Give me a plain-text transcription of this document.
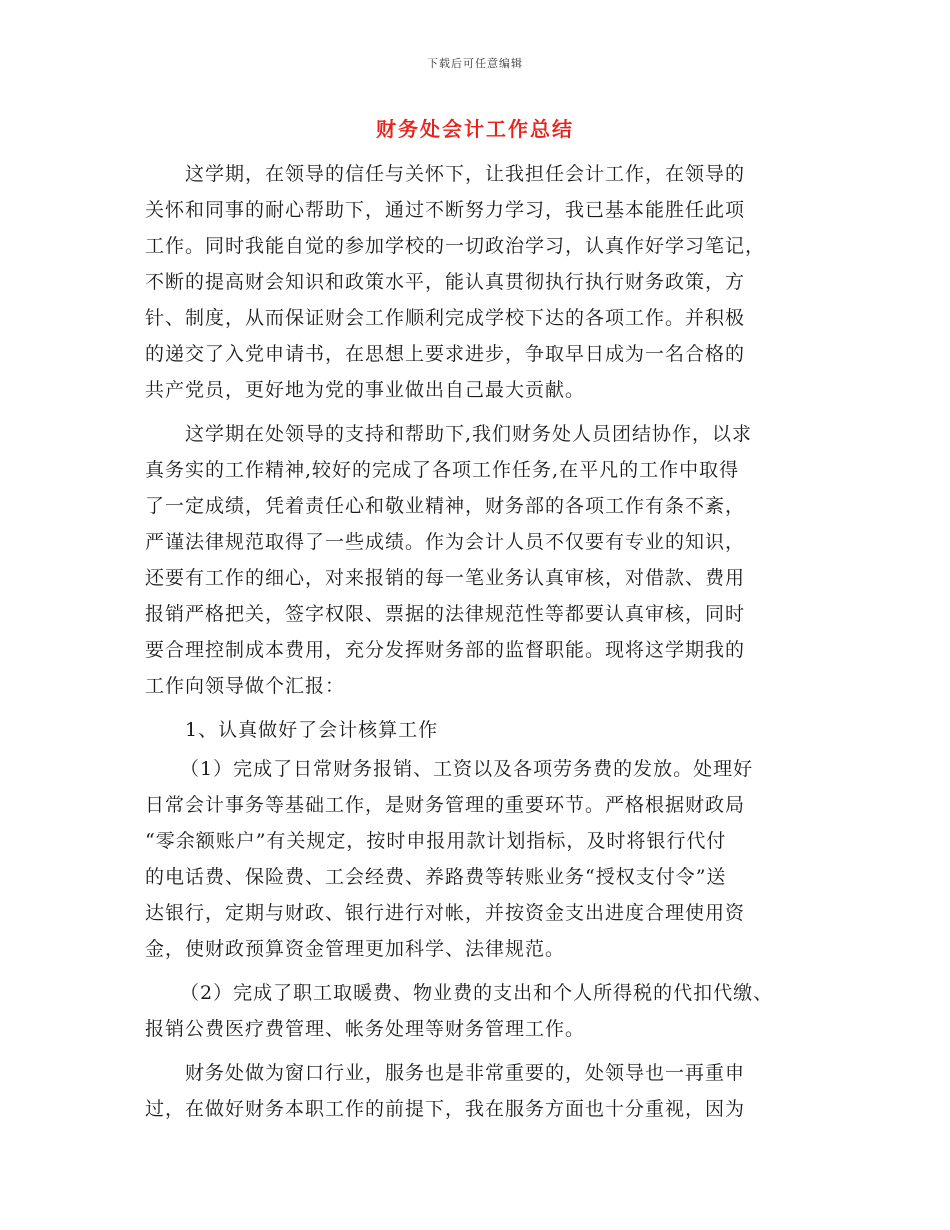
下载后可任意编辑
财务处会计工作总结
这学期，在领导的信任与关怀下，让我担任会计工作，在领导的
关怀和同事的耐心帮助下，通过不断努力学习，我已基本能胜任此项
工作。同时我能自觉的参加学校的一切政治学习，认真作好学习笔记，
不断的提高财会知识和政策水平，能认真贯彻执行执行财务政策，方
针、制度，从而保证财会工作顺利完成学校下达的各项工作。并积极
的递交了入党申请书，在思想上要求进步，争取早日成为一名合格的
共产党员，更好地为党的事业做出自己最大贡献。
这学期在处领导的支持和帮助下,我们财务处人员团结协作，以求
真务实的工作精神,较好的完成了各项工作任务,在平凡的工作中取得
了一定成绩，凭着责任心和敬业精神，财务部的各项工作有条不紊，
严谨法律规范取得了一些成绩。作为会计人员不仅要有专业的知识，
还要有工作的细心，对来报销的每一笔业务认真审核，对借款、费用
报销严格把关，签字权限、票据的法律规范性等都要认真审核，同时
要合理控制成本费用，充分发挥财务部的监督职能。现将这学期我的
工作向领导做个汇报：
1、认真做好了会计核算工作
（1）完成了日常财务报销、工资以及各项劳务费的发放。处理好
日常会计事务等基础工作，是财务管理的重要环节。严格根据财政局
“零余额账户”有关规定，按时申报用款计划指标，及时将银行代付
的电话费、保险费、工会经费、养路费等转账业务“授权支付令”送
达银行，定期与财政、银行进行对帐，并按资金支出进度合理使用资
金，使财政预算资金管理更加科学、法律规范。
（2）完成了职工取暖费、物业费的支出和个人所得税的代扣代缴、
报销公费医疗费管理、帐务处理等财务管理工作。
财务处做为窗口行业，服务也是非常重要的，处领导也一再重申
过，在做好财务本职工作的前提下，我在服务方面也十分重视，因为
